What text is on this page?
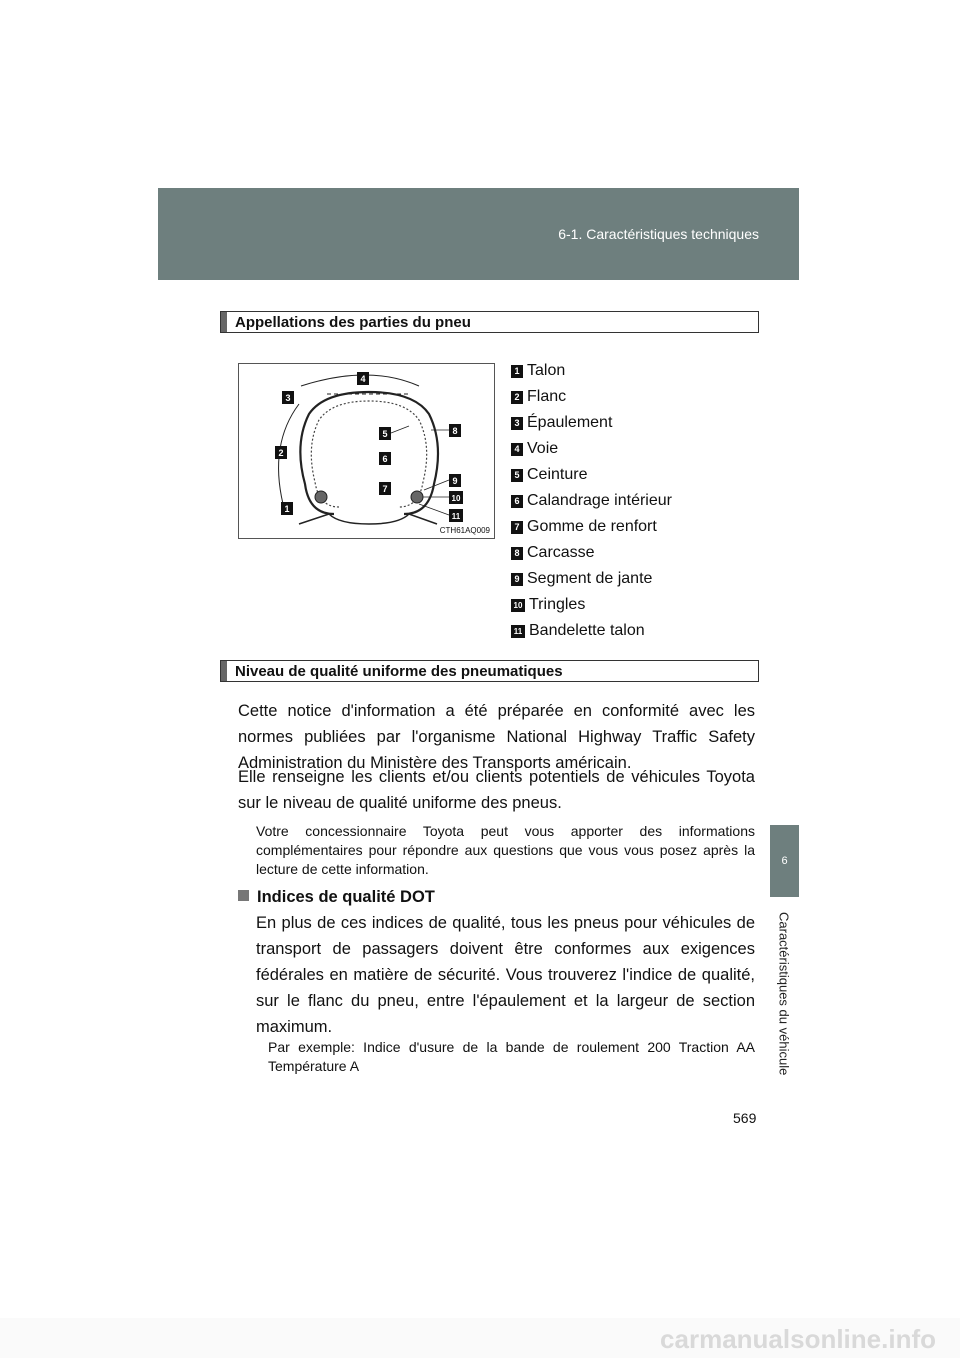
6-1. Caractéristiques techniques
6
Caractéristiques du véhicule
Appellations des parties du pneu
3
4
5	8
2
6
9
7
10
1
11
CTH61AQ009
1 Talon
2 Flanc
3 Épaulement
4 Voie
5 Ceinture
6 Calandrage intérieur
7 Gomme de renfort
8 Carcasse
9 Segment de jante
10 Tringles
11 Bandelette talon
Niveau de qualité uniforme des pneumatiques

Cette notice d'information a été préparée en conformité avec les normes publiées par l'organisme National Highway Traffic Safety Administration du Ministère des Transports américain.

Elle renseigne les clients et/ou clients potentiels de véhicules Toyota sur le niveau de qualité uniforme des pneus.

Votre concessionnaire Toyota peut vous apporter des informations complémentaires pour répondre aux questions que vous vous posez après la lecture de cette information.

Indices de qualité DOT

En plus de ces indices de qualité, tous les pneus pour véhicules de transport de passagers doivent être conformes aux exigences fédérales en matière de sécurité. Vous trouverez l'indice de qualité, sur le flanc du pneu, entre l'épaulement et la largeur de section maximum.

Par exemple: Indice d'usure de la bande de roulement 200 Traction AA Température A

569
carmanualsonline.info
